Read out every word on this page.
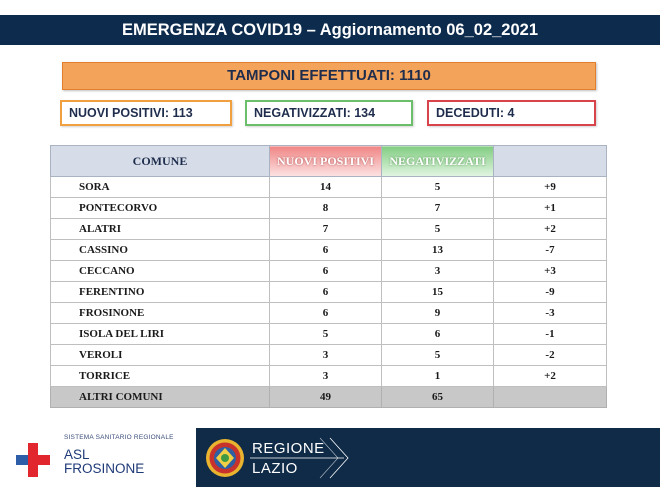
EMERGENZA COVID19 – Aggiornamento 06_02_2021
TAMPONI EFFETTUATI: 1110
NUOVI POSITIVI: 113	NEGATIVIZZATI: 134	DECEDUTI: 4
COMUNE	NUOVI POSITIVI	NEGATIVIZZATI	
SORA	14	5	+9
PONTECORVO	8	7	+1
ALATRI	7	5	+2
CASSINO	6	13	-7
CECCANO	6	3	+3
FERENTINO	6	15	-9
FROSINONE	6	9	-3
ISOLA DEL LIRI	5	6	-1
VEROLI	3	5	-2
TORRICE	3	1	+2
ALTRI COMUNI	49	65	
SISTEMA SANITARIO REGIONALE
ASL
FROSINONE
REGIONE
LAZIO
